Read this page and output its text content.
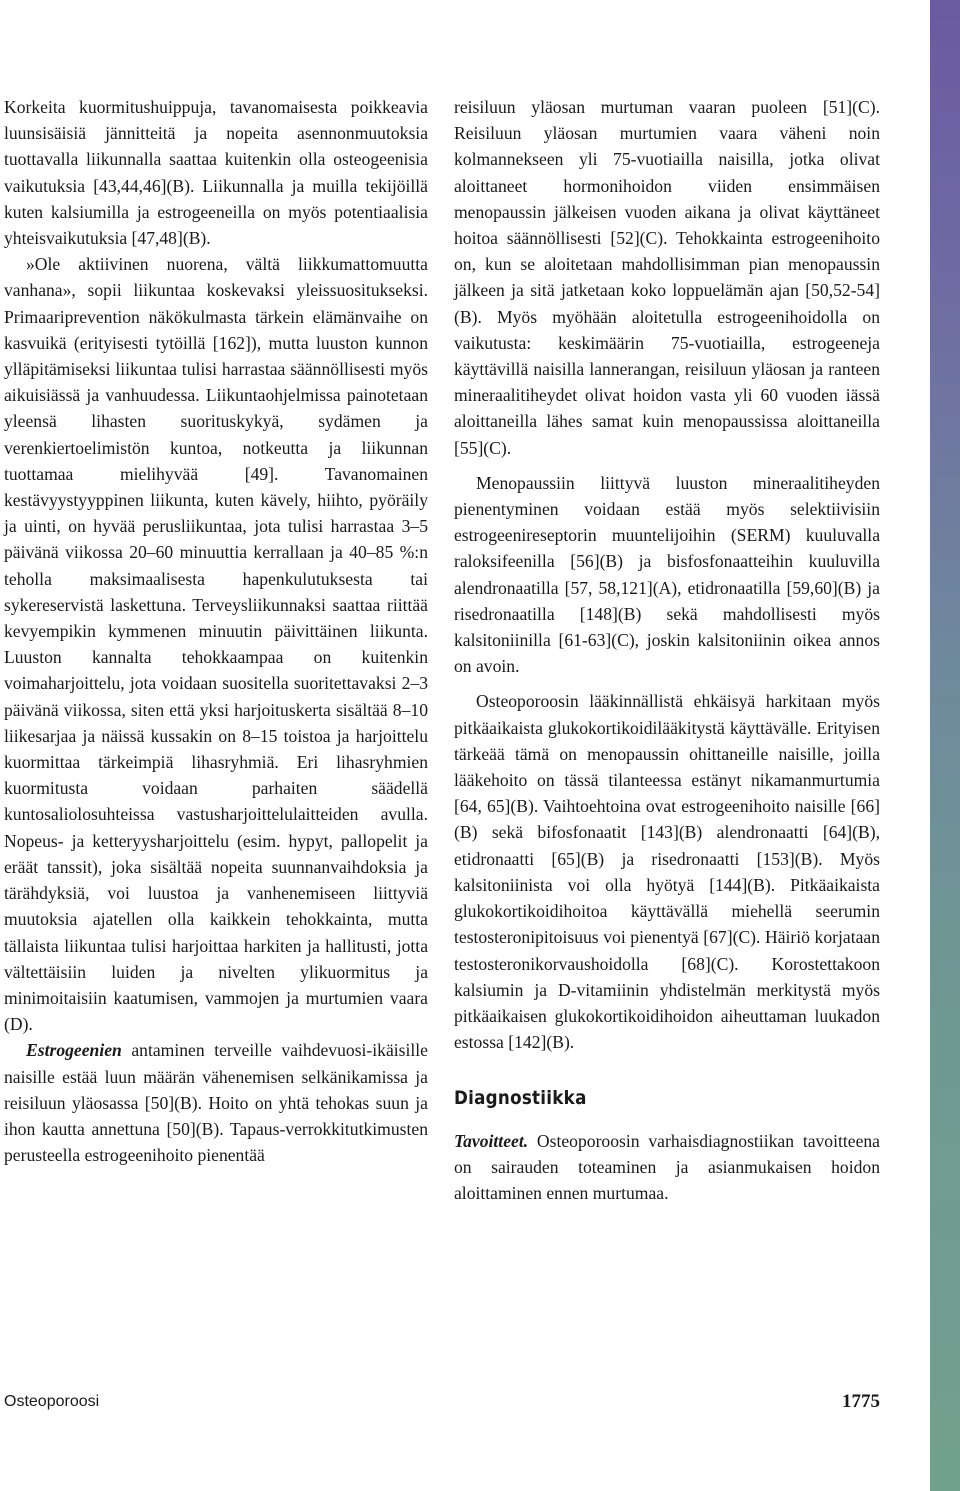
Korkeita kuormitushuippuja, tavanomaisesta poikkeavia luunsisäisiä jännitteitä ja nopeita asennonmuutoksia tuottavalla liikunnalla saattaa kuitenkin olla osteogeenisia vaikutuksia [43,44,46](B). Liikunnalla ja muilla tekijöillä kuten kalsiumilla ja estrogeeneilla on myös potentiaalisia yhteisvaikutuksia [47,48](B).

»Ole aktiivinen nuorena, vältä liikkumattomuutta vanhana», sopii liikuntaa koskevaksi yleissuositukseksi. Primaariprevention näkökulmasta tärkein elämänvaihe on kasvuikä (erityisesti tytöillä [162]), mutta luuston kunnon ylläpitämiseksi liikuntaa tulisi harrastaa säännöllisesti myös aikuisiässä ja vanhuudessa. Liikuntaohjelmissa painotetaan yleensä lihasten suorituskykyä, sydämen ja verenkiertoelimistön kuntoa, notkeutta ja liikunnan tuottamaa mielihyvää [49]. Tavanomainen kestävyystyyppinen liikunta, kuten kävely, hiihto, pyöräily ja uinti, on hyvää perusliikuntaa, jota tulisi harrastaa 3–5 päivänä viikossa 20–60 minuuttia kerrallaan ja 40–85 %:n teholla maksimaalisesta hapenkulutuksesta tai sykereservistä laskettuna. Terveysliikunnaksi saattaa riittää kevyempikin kymmenen minuutin päivittäinen liikunta. Luuston kannalta tehokkaampaa on kuitenkin voimaharjoittelu, jota voidaan suositella suoritettavaksi 2–3 päivänä viikossa, siten että yksi harjoituskerta sisältää 8–10 liikesarjaa ja näissä kussakin on 8–15 toistoa ja harjoittelu kuormittaa tärkeimpiä lihasryhmiä. Eri lihasryhmien kuormitusta voidaan parhaiten säädellä kuntosaliolosuhteissa vastusharjoittelulaitteiden avulla. Nopeus- ja ketteryysharjoittelu (esim. hypyt, pallopelit ja eräät tanssit), joka sisältää nopeita suunnanvaihdoksia ja tärähdyksiä, voi luustoa ja vanhenemiseen liittyviä muutoksia ajatellen olla kaikkein tehokkainta, mutta tällaista liikuntaa tulisi harjoittaa harkiten ja hallitusti, jotta vältettäisiin luiden ja nivelten ylikuormitus ja minimoitaisiin kaatumisen, vammojen ja murtumien vaara (D).

Estrogeenien antaminen terveille vaihdevuosi-ikäisille naisille estää luun määrän vähenemisen selkänikamissa ja reisiluun yläosassa [50](B). Hoito on yhtä tehokas suun ja ihon kautta annettuna [50](B). Tapaus-verrokkitutkimusten perusteella estrogeenihoito pienentää

reisiluun yläosan murtuman vaaran puoleen [51](C). Reisiluun yläosan murtumien vaara väheni noin kolmannekseen yli 75-vuotiailla naisilla, jotka olivat aloittaneet hormonihoidon viiden ensimmäisen menopaussin jälkeisen vuoden aikana ja olivat käyttäneet hoitoa säännöllisesti [52](C). Tehokkainta estrogeenihoito on, kun se aloitetaan mahdollisimman pian menopaussin jälkeen ja sitä jatketaan koko loppuelämän ajan [50,52-54](B). Myös myöhään aloitetulla estrogeenihoidolla on vaikutusta: keskimäärin 75-vuotiailla, estrogeeneja käyttävillä naisilla lannerangan, reisiluun yläosan ja ranteen mineraalitiheydet olivat hoidon vasta yli 60 vuoden iässä aloittaneilla lähes samat kuin menopaussissa aloittaneilla [55](C).

Menopaussiin liittyvä luuston mineraalitiheyden pienentyminen voidaan estää myös selektiivisiin estrogeenireseptorin muuntelijoihin (SERM) kuuluvalla raloksifeenilla [56](B) ja bisfosfonaatteihin kuuluvilla alendronaatilla [57, 58,121](A), etidronaatilla [59,60](B) ja risedronaatilla [148](B) sekä mahdollisesti myös kalsitoniinilla [61-63](C), joskin kalsitoniinin oikea annos on avoin.

Osteoporoosin lääkinnällistä ehkäisyä harkitaan myös pitkäaikaista glukokortikoidilääkitystä käyttävälle. Erityisen tärkeää tämä on menopaussin ohittaneille naisille, joilla lääkehoito on tässä tilanteessa estänyt nikamanmurtumia [64, 65](B). Vaihtoehtoina ovat estrogeenihoito naisille [66](B) sekä bifosfonaatit [143](B) alendronaatti [64](B), etidronaatti [65](B) ja risedronaatti [153](B). Myös kalsitoniinista voi olla hyötyä [144](B). Pitkäaikaista glukokortikoidihoitoa käyttävällä miehellä seerumin testosteronipitoisuus voi pienentyä [67](C). Häiriö korjataan testosteronikorvaushoidolla [68](C). Korostettakoon kalsiumin ja D-vitamiinin yhdistelmän merkitystä myös pitkäaikaisen glukokortikoidihoidon aiheuttaman luukadon estossa [142](B).

Diagnostiikka

Tavoitteet. Osteoporoosin varhaisdiagnostiikan tavoitteena on sairauden toteaminen ja asianmukaisen hoidon aloittaminen ennen murtumaa.

Osteoporoosi	1775
